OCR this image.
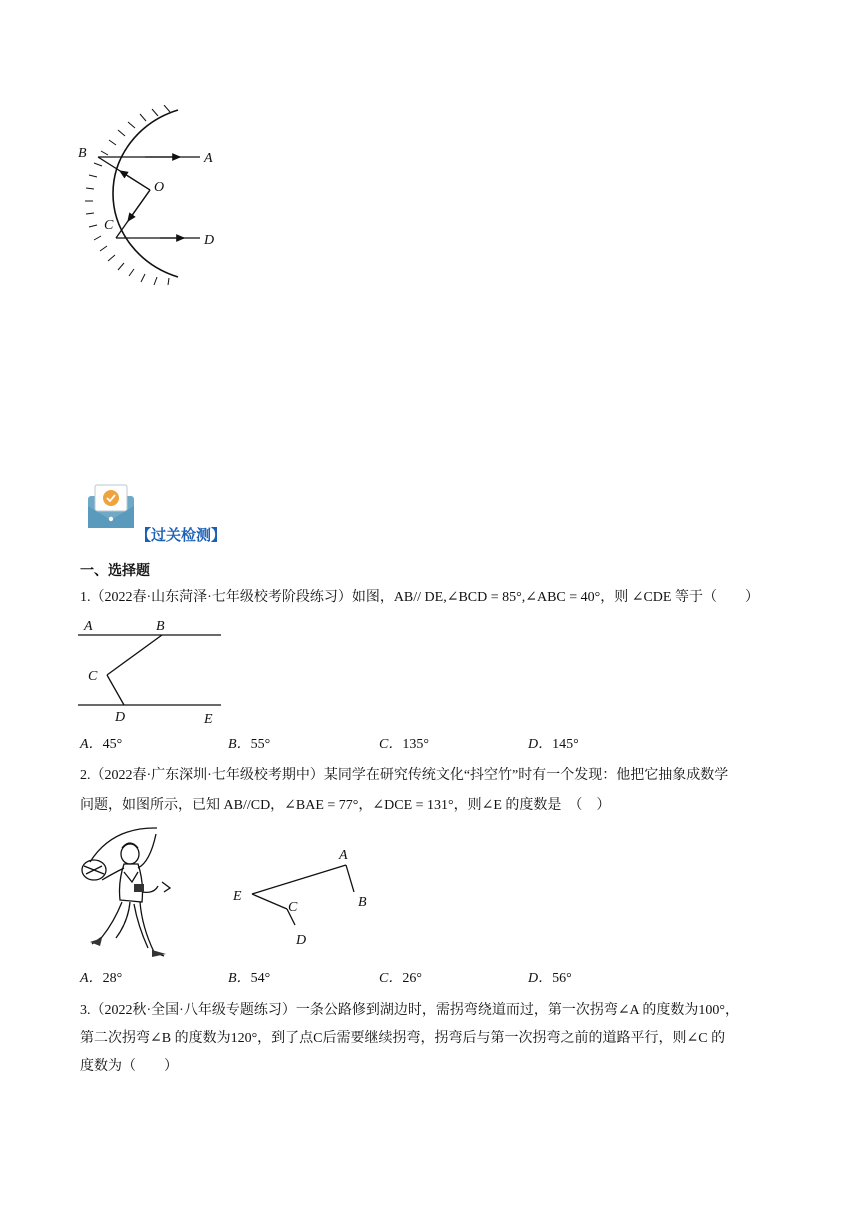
B	A
O
C
D
【过关检测】
一、选择题
1.（2022春·山东菏泽·七年级校考阶段练习）如图，AB// DE,∠BCD = 85°,∠ABC = 40°，则 ∠CDE 等于（　　）
A	B
C
D	E
A．45°	B．55°	C．135°	D．145°
2.（2022春·广东深圳·七年级校考期中）某同学在研究传统文化“抖空竹”时有一个发现：他把它抽象成数学
问题，如图所示，已知 AB//CD，∠BAE = 77°，∠DCE = 131°，则∠E 的度数是　（　）
A
B
C
D
E
A．28°	B．54°	C．26°	D．56°
3.（2022秋·全国·八年级专题练习）一条公路修到湖边时，需拐弯绕道而过，第一次拐弯∠A 的度数为100°，
第二次拐弯∠B 的度数为120°，到了点C后需要继续拐弯，拐弯后与第一次拐弯之前的道路平行，则∠C 的
度数为（　　）
